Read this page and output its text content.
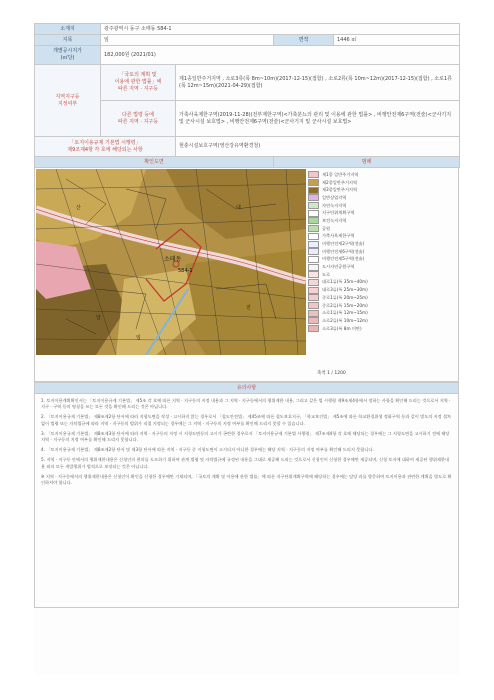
소재지	광주광역시 동구 소태동 584-1			
지목	임		면적	1446 ㎡
개별공시지가
(㎡당)	182,000원 (2021/01)			
지역지구등
지정여부	「국토의 계획 및
이용에 관한 법률」에
따른 지역 · 지구등	제1종일반주거지역 , 소로3류(폭 8m~10m)(2017-12-15)(접함) , 소로2류(폭 10m~12m)(2017-12-15)(접함) , 소로1류(폭 12m~15m)(2021-04-29)(접함)		
	다른 법령 등에
따른 지역 · 지구등	가축사육제한구역(2019-11-28)(전부제한구역)<가축분뇨의 관리 및 이용에 관한 법률> , 비행안전제6구역(전술)<군사기지 및 군사시설 보호법> , 비행안전제6구역(전술)<군사기지 및 군사시설 보호법>		
「토지이용규제 기본법 시행령」
제9조제4항 각 호에 해당되는 사항		현충시설보호구역(영산강유역환경청)		
확인도면			범례	
소태동
584-1
산	대
답
전
임
제1종 일반주거지역
제2종일반주거지역
제3종일반주거지역
일반상업지역
자연녹지지역
지구단위계획구역
보전녹지지역
공원
가축사육제한구역
비행안전제2구역(전술)
비행안전제6구역(전술)
비행안전제5구역(전술)
도시자연공원구역
도로
대로1류(폭 35m~40m)
대로3류(폭 25m~30m)
중로1류(폭 20m~25m)
중로2류(폭 15m~20m)
소로1류(폭 12m~15m)
소로2류(폭 10m~12m)
소로3류(폭 8m 미만)
축척 1 / 1200
유의사항

1. 토지이용계획확인서는 「토지이용규제 기본법」 제5조 각 호에 따른 지역 · 지구등의 지정 내용과 그 지역 · 지구등에서의 행위제한 내용, 그리고 같은 법 시행령 제9조제4항에서 정하는 사항을 확인해 드리는 것으로서 지역 · 지구 · 구역 등의 명칭을 쓰는 모든 것을 확인해 드리는 것은 아닙니다.

2. 「토지이용규제 기본법」 제8조제2항 단서에 따라 지형도면을 작성 · 고시하지 않는 경우로서 「철도안전법」 제45조에 따른 철도보호지구, 「학교보건법」 제5조에 따른 학교환경위생 정화구역 등과 같이 별도의 지정 절차 없이 법령 또는 자치법규에 따라 지역 · 지구등의 범위가 직접 지정되는 경우에는 그 지역 · 지구등의 지정 여부를 확인해 드리지 못할 수 있습니다.

3. 「토지이용규제 기본법」 제8조제3항 단서에 따라 지역 · 지구등의 지정 시 지형도면등의 고시가 곤란한 경우로서 「토지이용규제 기본법 시행령」 제7조제4항 각 호에 해당되는 경우에는 그 지형도면을 고시하기 전에 해당 지역 · 지구등의 지정 여부를 확인해 드리지 못합니다.

4. 「토지이용규제 기본법」 제8조제2항 단서 및 제3항 단서에 따른 지역 · 지구등 중 지형도면이 고시되지 아니한 경우에는 해당 지역 · 지구등의 지정 여부를 확인해 드리지 못합니다.

5. 지역 · 지구등 안에서의 행위제한내용은 신청인의 편의를 도모하기 위하여 관계 법령 및 자치법규에 규정된 내용을 그대로 제공해 드리는 것으로서 신청인이 신청한 경우에만 제공되며, 신청 토지에 대하여 제공된 행위제한내용 외의 모든 개발행위가 법적으로 보장되는 것은 아닙니다.

※ 지역 · 지구등에서의 행위제한내용은 신청인이 확인을 신청한 경우에만 기재되며, 「국토의 계획 및 이용에 관한 법률」에 따른 지구단위계획구역에 해당하는 경우에는 담당 과를 방문하여 토지이용과 관련한 계획을 별도로 확인하셔야 합니다.
